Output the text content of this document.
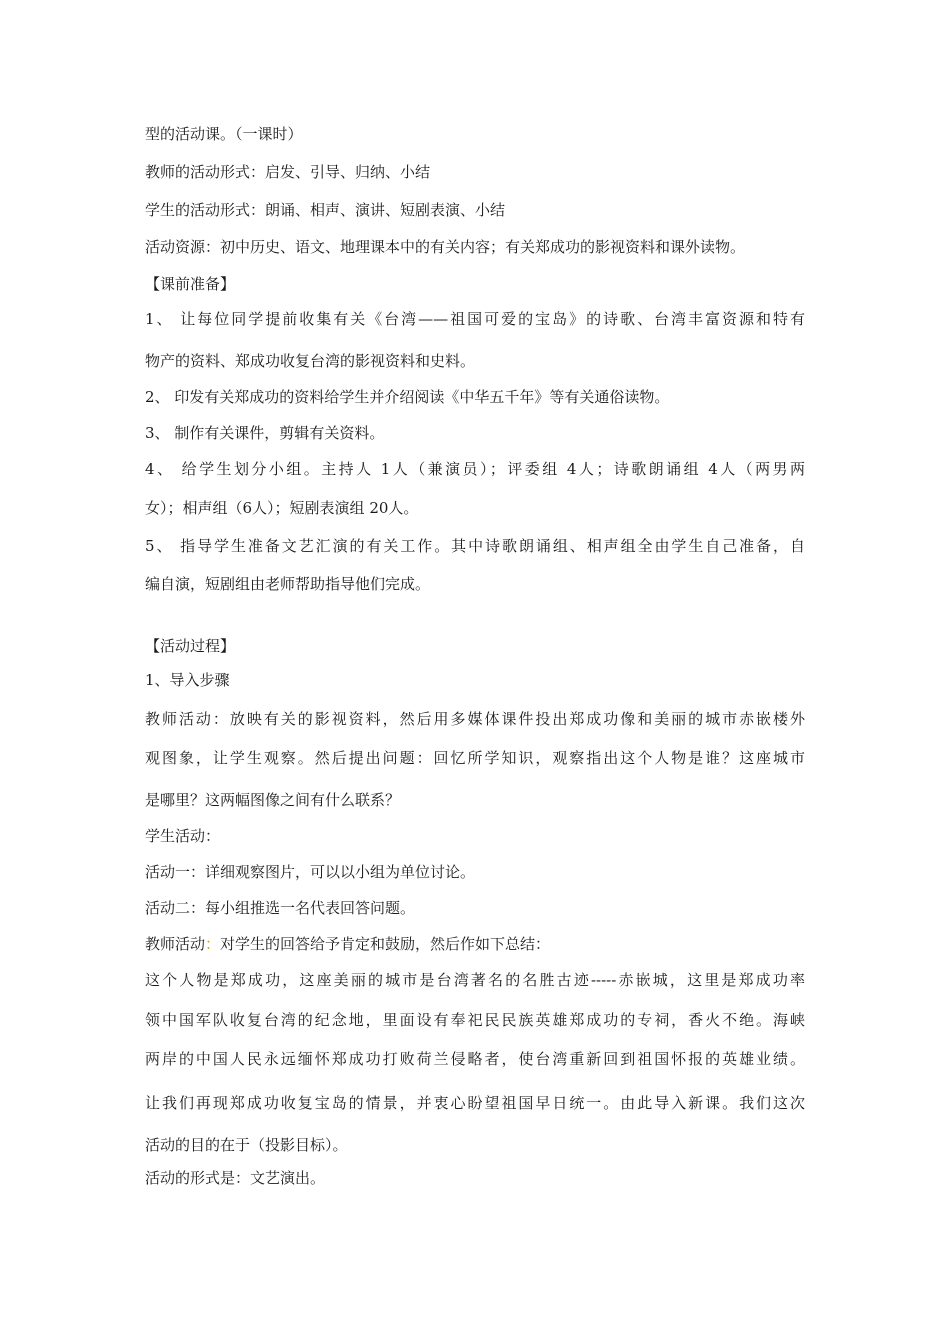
型的活动课。（一课时）
教师的活动形式：启发、引导、归纳、小结
学生的活动形式：朗诵、相声、演讲、短剧表演、小结
活动资源：初中历史、语文、地理课本中的有关内容；有关郑成功的影视资料和课外读物。
【课前准备】
1、 让每位同学提前收集有关《台湾——祖国可爱的宝岛》的诗歌、台湾丰富资源和特有
物产的资料、郑成功收复台湾的影视资料和史料。
2、 印发有关郑成功的资料给学生并介绍阅读《中华五千年》等有关通俗读物。
3、 制作有关课件，剪辑有关资料。
4、 给学生划分小组。主持人 1人（兼演员）；评委组 4人；诗歌朗诵组 4人（两男两
女）；相声组（6人）；短剧表演组 20人。
5、 指导学生准备文艺汇演的有关工作。其中诗歌朗诵组、相声组全由学生自己准备，自
编自演，短剧组由老师帮助指导他们完成。
【活动过程】
1、导入步骤
教师活动：放映有关的影视资料，然后用多媒体课件投出郑成功像和美丽的城市赤嵌楼外
观图象，让学生观察。然后提出问题：回忆所学知识，观察指出这个人物是谁？这座城市
是哪里？这两幅图像之间有什么联系？
学生活动：
活动一：详细观察图片，可以以小组为单位讨论。
活动二：每小组推选一名代表回答问题。
教师活动：对学生的回答给予肯定和鼓励，然后作如下总结：
这个人物是郑成功，这座美丽的城市是台湾著名的名胜古迹-----赤嵌城，这里是郑成功率
领中国军队收复台湾的纪念地，里面设有奉祀民民族英雄郑成功的专祠，香火不绝。海峡
两岸的中国人民永远缅怀郑成功打败荷兰侵略者，使台湾重新回到祖国怀报的英雄业绩。
让我们再现郑成功收复宝岛的情景，并衷心盼望祖国早日统一。由此导入新课。我们这次
活动的目的在于（投影目标）。
活动的形式是：文艺演出。
